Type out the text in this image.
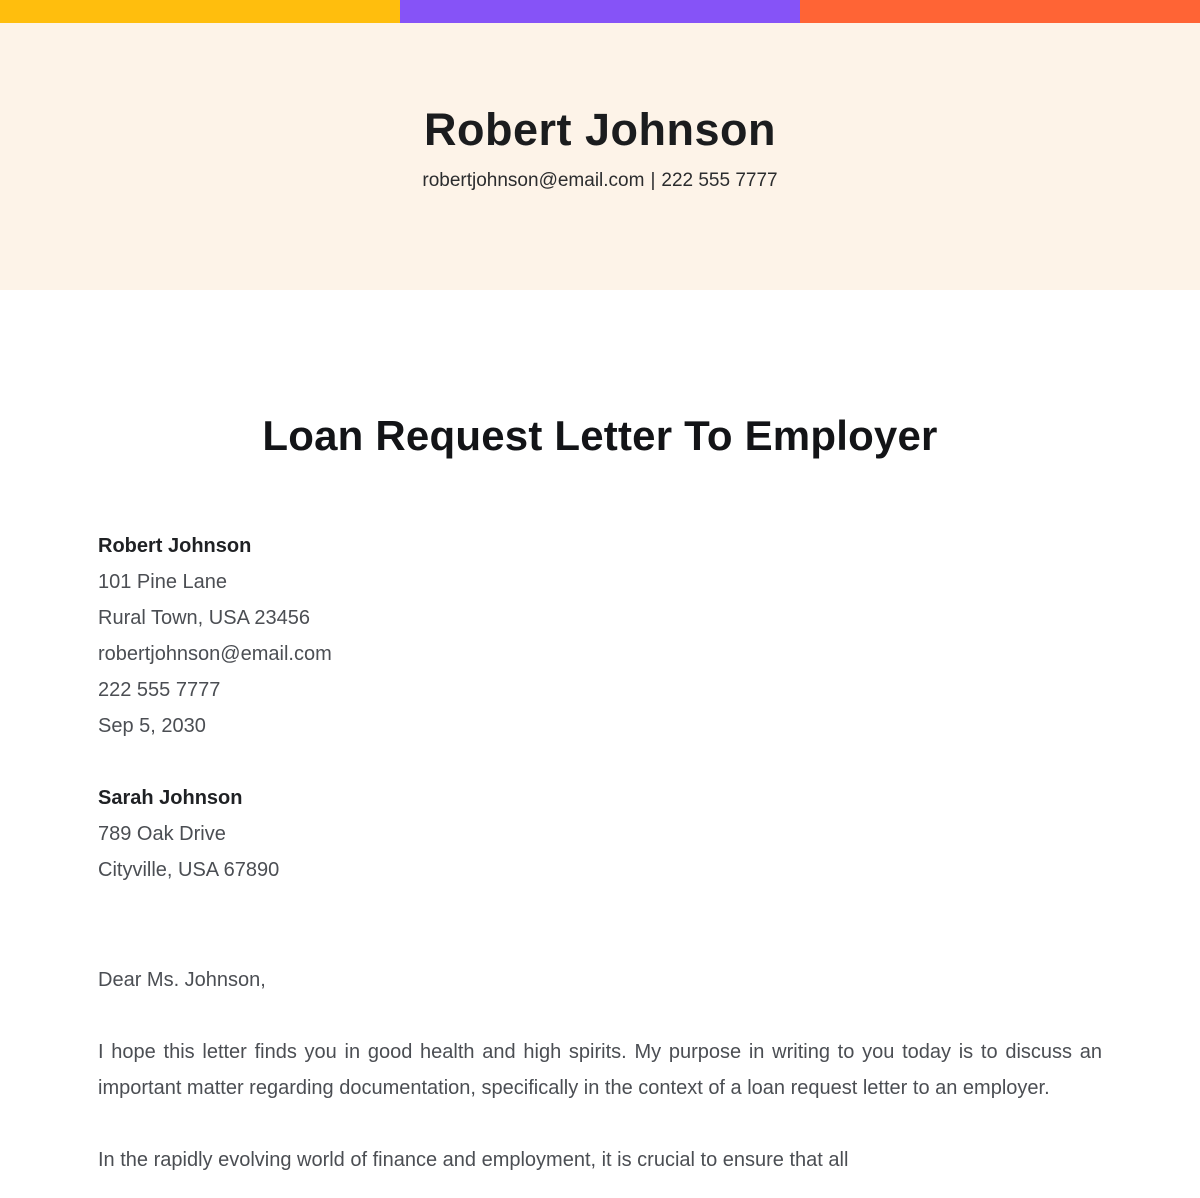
Robert Johnson
robertjohnson@email.com | 222 555 7777
Loan Request Letter To Employer
Robert Johnson
101 Pine Lane
Rural Town, USA 23456
robertjohnson@email.com
222 555 7777
Sep 5, 2030
Sarah Johnson
789 Oak Drive
Cityville, USA 67890
Dear Ms. Johnson,

I hope this letter finds you in good health and high spirits. My purpose in writing to you today is to discuss an important matter regarding documentation, specifically in the context of a loan request letter to an employer.

In the rapidly evolving world of finance and employment, it is crucial to ensure that all
